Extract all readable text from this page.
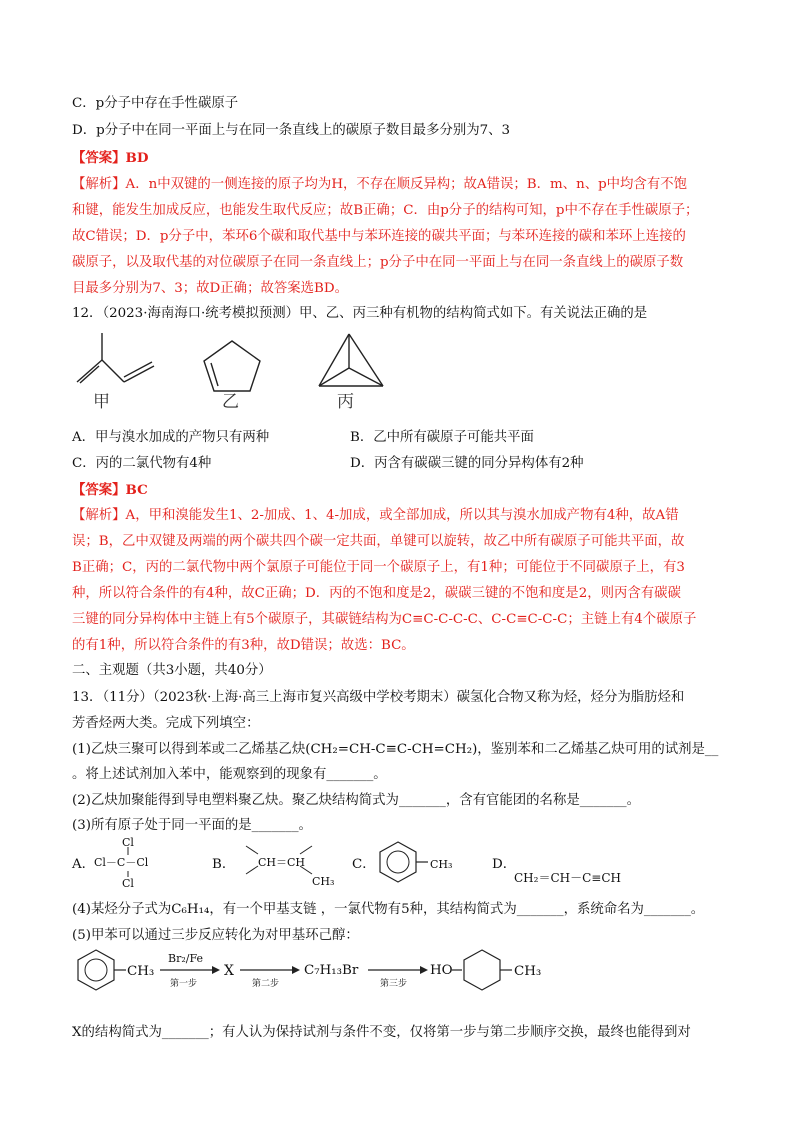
C．p分子中存在手性碳原子
D．p分子中在同一平面上与在同一条直线上的碳原子数目最多分别为7、3
【答案】BD
【解析】A．n中双键的一侧连接的原子均为H，不存在顺反异构；故A错误；B．m、n、p中均含有不饱
和键，能发生加成反应，也能发生取代反应；故B正确；C．由p分子的结构可知，p中不存在手性碳原子；
故C错误；D．p分子中，苯环6个碳和取代基中与苯环连接的碳共平面；与苯环连接的碳和苯环上连接的
碳原子，以及取代基的对位碳原子在同一条直线上；p分子中在同一平面上与在同一条直线上的碳原子数
目最多分别为7、3；故D正确；故答案选BD。
12．（2023·海南海口·统考模拟预测）甲、乙、丙三种有机物的结构简式如下。有关说法正确的是
甲	乙	丙
A．甲与溴水加成的产物只有两种	B．乙中所有碳原子可能共平面
C．丙的二氯代物有4种	D．丙含有碳碳三键的同分异构体有2种
【答案】BC
【解析】A，甲和溴能发生1、2-加成、1、4-加成，或全部加成，所以其与溴水加成产物有4种，故A错
误；B，乙中双键及两端的两个碳共四个碳一定共面，单键可以旋转，故乙中所有碳原子可能共平面，故
B正确；C，丙的二氯代物中两个氯原子可能位于同一个碳原子上，有1种；可能位于不同碳原子上，有3
种，所以符合条件的有4种，故C正确；D．丙的不饱和度是2，碳碳三键的不饱和度是2，则丙含有碳碳
三键的同分异构体中主链上有5个碳原子，其碳链结构为C≡C-C-C-C、C-C≡C-C-C；主链上有4个碳原子
的有1种，所以符合条件的有3种，故D错误；故选：BC。
二、主观题（共3小题，共40分）
13．（11分）（2023秋·上海·高三上海市复兴高级中学校考期末）碳氢化合物又称为烃，烃分为脂肪烃和
芳香烃两大类。完成下列填空：
(1)乙炔三聚可以得到苯或二乙烯基乙炔(CH₂=CH-C≡C-CH=CH₂)，鉴别苯和二乙烯基乙炔可用的试剂是__
。将上述试剂加入苯中，能观察到的现象有_______。
(2)乙炔加聚能得到导电塑料聚乙炔。聚乙炔结构简式为_______，含有官能团的名称是_______。
(3)所有原子处于同一平面的是_______。
A．
Cl
Cl－C－Cl
Cl
B． CH＝CH
CH₃
C．	CH₃	D．
CH₂＝CH－C≡CH
(4)某烃分子式为C₆H₁₄，有一个甲基支链 ，一氯代物有5种，其结构简式为_______，系统命名为_______。
(5)甲苯可以通过三步反应转化为对甲基环己醇：
CH₃
Br₂/Fe
第一步
X
第二步
C₇H₁₃Br
第三步
HO	CH₃
X的结构简式为_______；有人认为保持试剂与条件不变，仅将第一步与第二步顺序交换，最终也能得到对
